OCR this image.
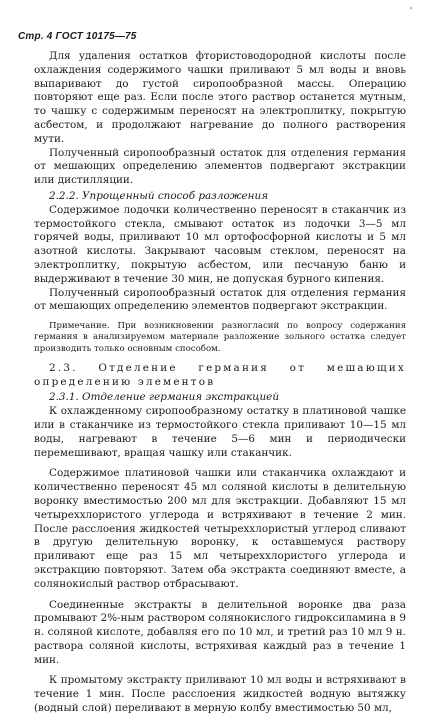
'
Стр. 4 ГОСТ 10175—75

Для удаления остатков фтористоводородной кислоты после охлаждения содержимого чашки приливают 5 мл воды и вновь выпаривают до густой сиропообразной массы. Операцию повторяют еще раз. Если после этого раствор останется мутным, то чашку с содержимым переносят на электроплитку, покрытую асбестом, и продолжают нагревание до полного растворения мути.

Полученный сиропообразный остаток для отделения германия от мешающих определению элементов подвергают экстракции или дистилляции.

2.2.2. Упрощенный способ разложения

Содержимое лодочки количественно переносят в стаканчик из термостойкого стекла, смывают остаток из лодочки 3—5 мл горячей воды, приливают 10 мл ортофосфорной кислоты и 5 мл азотной кислоты. Закрывают часовым стеклом, переносят на электроплитку, покрытую асбестом, или песчаную баню и выдерживают в течение 30 мин, не допуская бурного кипения.

Полученный сиропообразный остаток для отделения германия от мешающих определению элементов подвергают экстракции.

Примечание. При возникновении разногласий по вопросу содержания германия в анализируемом материале разложение зольного остатка следует производить только основным способом.

2.3. Отделение германия от мешающих определению элементов

2.3.1. Отделение германия экстракцией

К охлажденному сиропообразному остатку в платиновой чашке или в стаканчике из термостойкого стекла приливают 10—15 мл воды, нагревают в течение 5—6 мин и периодически перемешивают, вращая чашку или стаканчик.

Содержимое платиновой чашки или стаканчика охлаждают и количественно переносят 45 мл соляной кислоты в делительную воронку вместимостью 200 мл для экстракции. Добавляют 15 мл четыреххлористого углерода и встряхивают в течение 2 мин. После расслоения жидкостей четыреххлористый углерод сливают в другую делительную воронку, к оставшемуся раствору приливают еще раз 15 мл четыреххлористого углерода и экстракцию повторяют. Затем оба экстракта соединяют вместе, а солянокислый раствор отбрасывают.

Соединенные экстракты в делительной воронке два раза промывают 2%-ным раствором солянокислого гидроксиламина в 9 н. соляной кислоте, добавляя его по 10 мл, и третий раз 10 мл 9 н. раствора соляной кислоты, встряхивая каждый раз в течение 1 мин.

К промытому экстракту приливают 10 мл воды и встряхивают в течение 1 мин. После расслоения жидкостей водную вытяжку (водный слой) переливают в мерную колбу вместимостью 50 мл,
